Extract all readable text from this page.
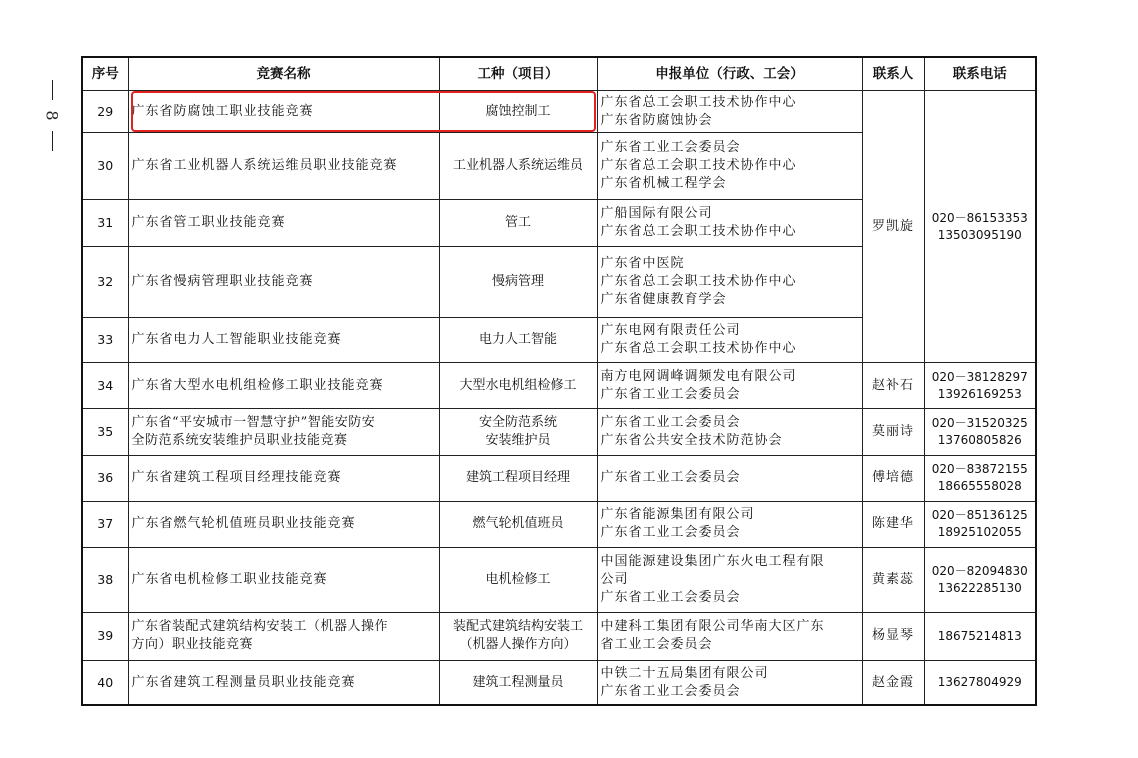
8
序号	竞赛名称	工种（项目）	申报单位（行政、工会）	联系人	联系电话
29	广东省防腐蚀工职业技能竞赛	腐蚀控制工	广东省总工会职工技术协作中心
广东省防腐蚀协会	罗凯旋	020－86153353
13503095190

30	广东省工业机器人系统运维员职业技能竞赛	工业机器人系统运维员	广东省工业工会委员会
广东省总工会职工技术协作中心
广东省机械工程学会		

31	广东省管工职业技能竞赛	管工	广船国际有限公司
广东省总工会职工技术协作中心		

32	广东省慢病管理职业技能竞赛	慢病管理	广东省中医院
广东省总工会职工技术协作中心
广东省健康教育学会		

33	广东省电力人工智能职业技能竞赛	电力人工智能	广东电网有限责任公司
广东省总工会职工技术协作中心		

34	广东省大型水电机组检修工职业技能竞赛	大型水电机组检修工	南方电网调峰调频发电有限公司
广东省工业工会委员会	赵补石	020－38128297
13926169253

35	广东省“平安城市一智慧守护”智能安防安
全防范系统安装维护员职业技能竞赛	安全防范系统
安装维护员	广东省工业工会委员会
广东省公共安全技术防范协会	莫丽诗	020－31520325
13760805826

36	广东省建筑工程项目经理技能竞赛	建筑工程项目经理	广东省工业工会委员会	傅培德	020－83872155
18665558028

37	广东省燃气轮机值班员职业技能竞赛	燃气轮机值班员	广东省能源集团有限公司
广东省工业工会委员会	陈建华	020－85136125
18925102055

38	广东省电机检修工职业技能竞赛	电机检修工	中国能源建设集团广东火电工程有限
公司
广东省工业工会委员会	黄素蕊	020－82094830
13622285130

39	广东省装配式建筑结构安装工（机器人操作
方向）职业技能竞赛	装配式建筑结构安装工
（机器人操作方向）	中建科工集团有限公司华南大区广东
省工业工会委员会	杨显琴	18675214813

40	广东省建筑工程测量员职业技能竞赛	建筑工程测量员	中铁二十五局集团有限公司
广东省工业工会委员会	赵金霞	13627804929
